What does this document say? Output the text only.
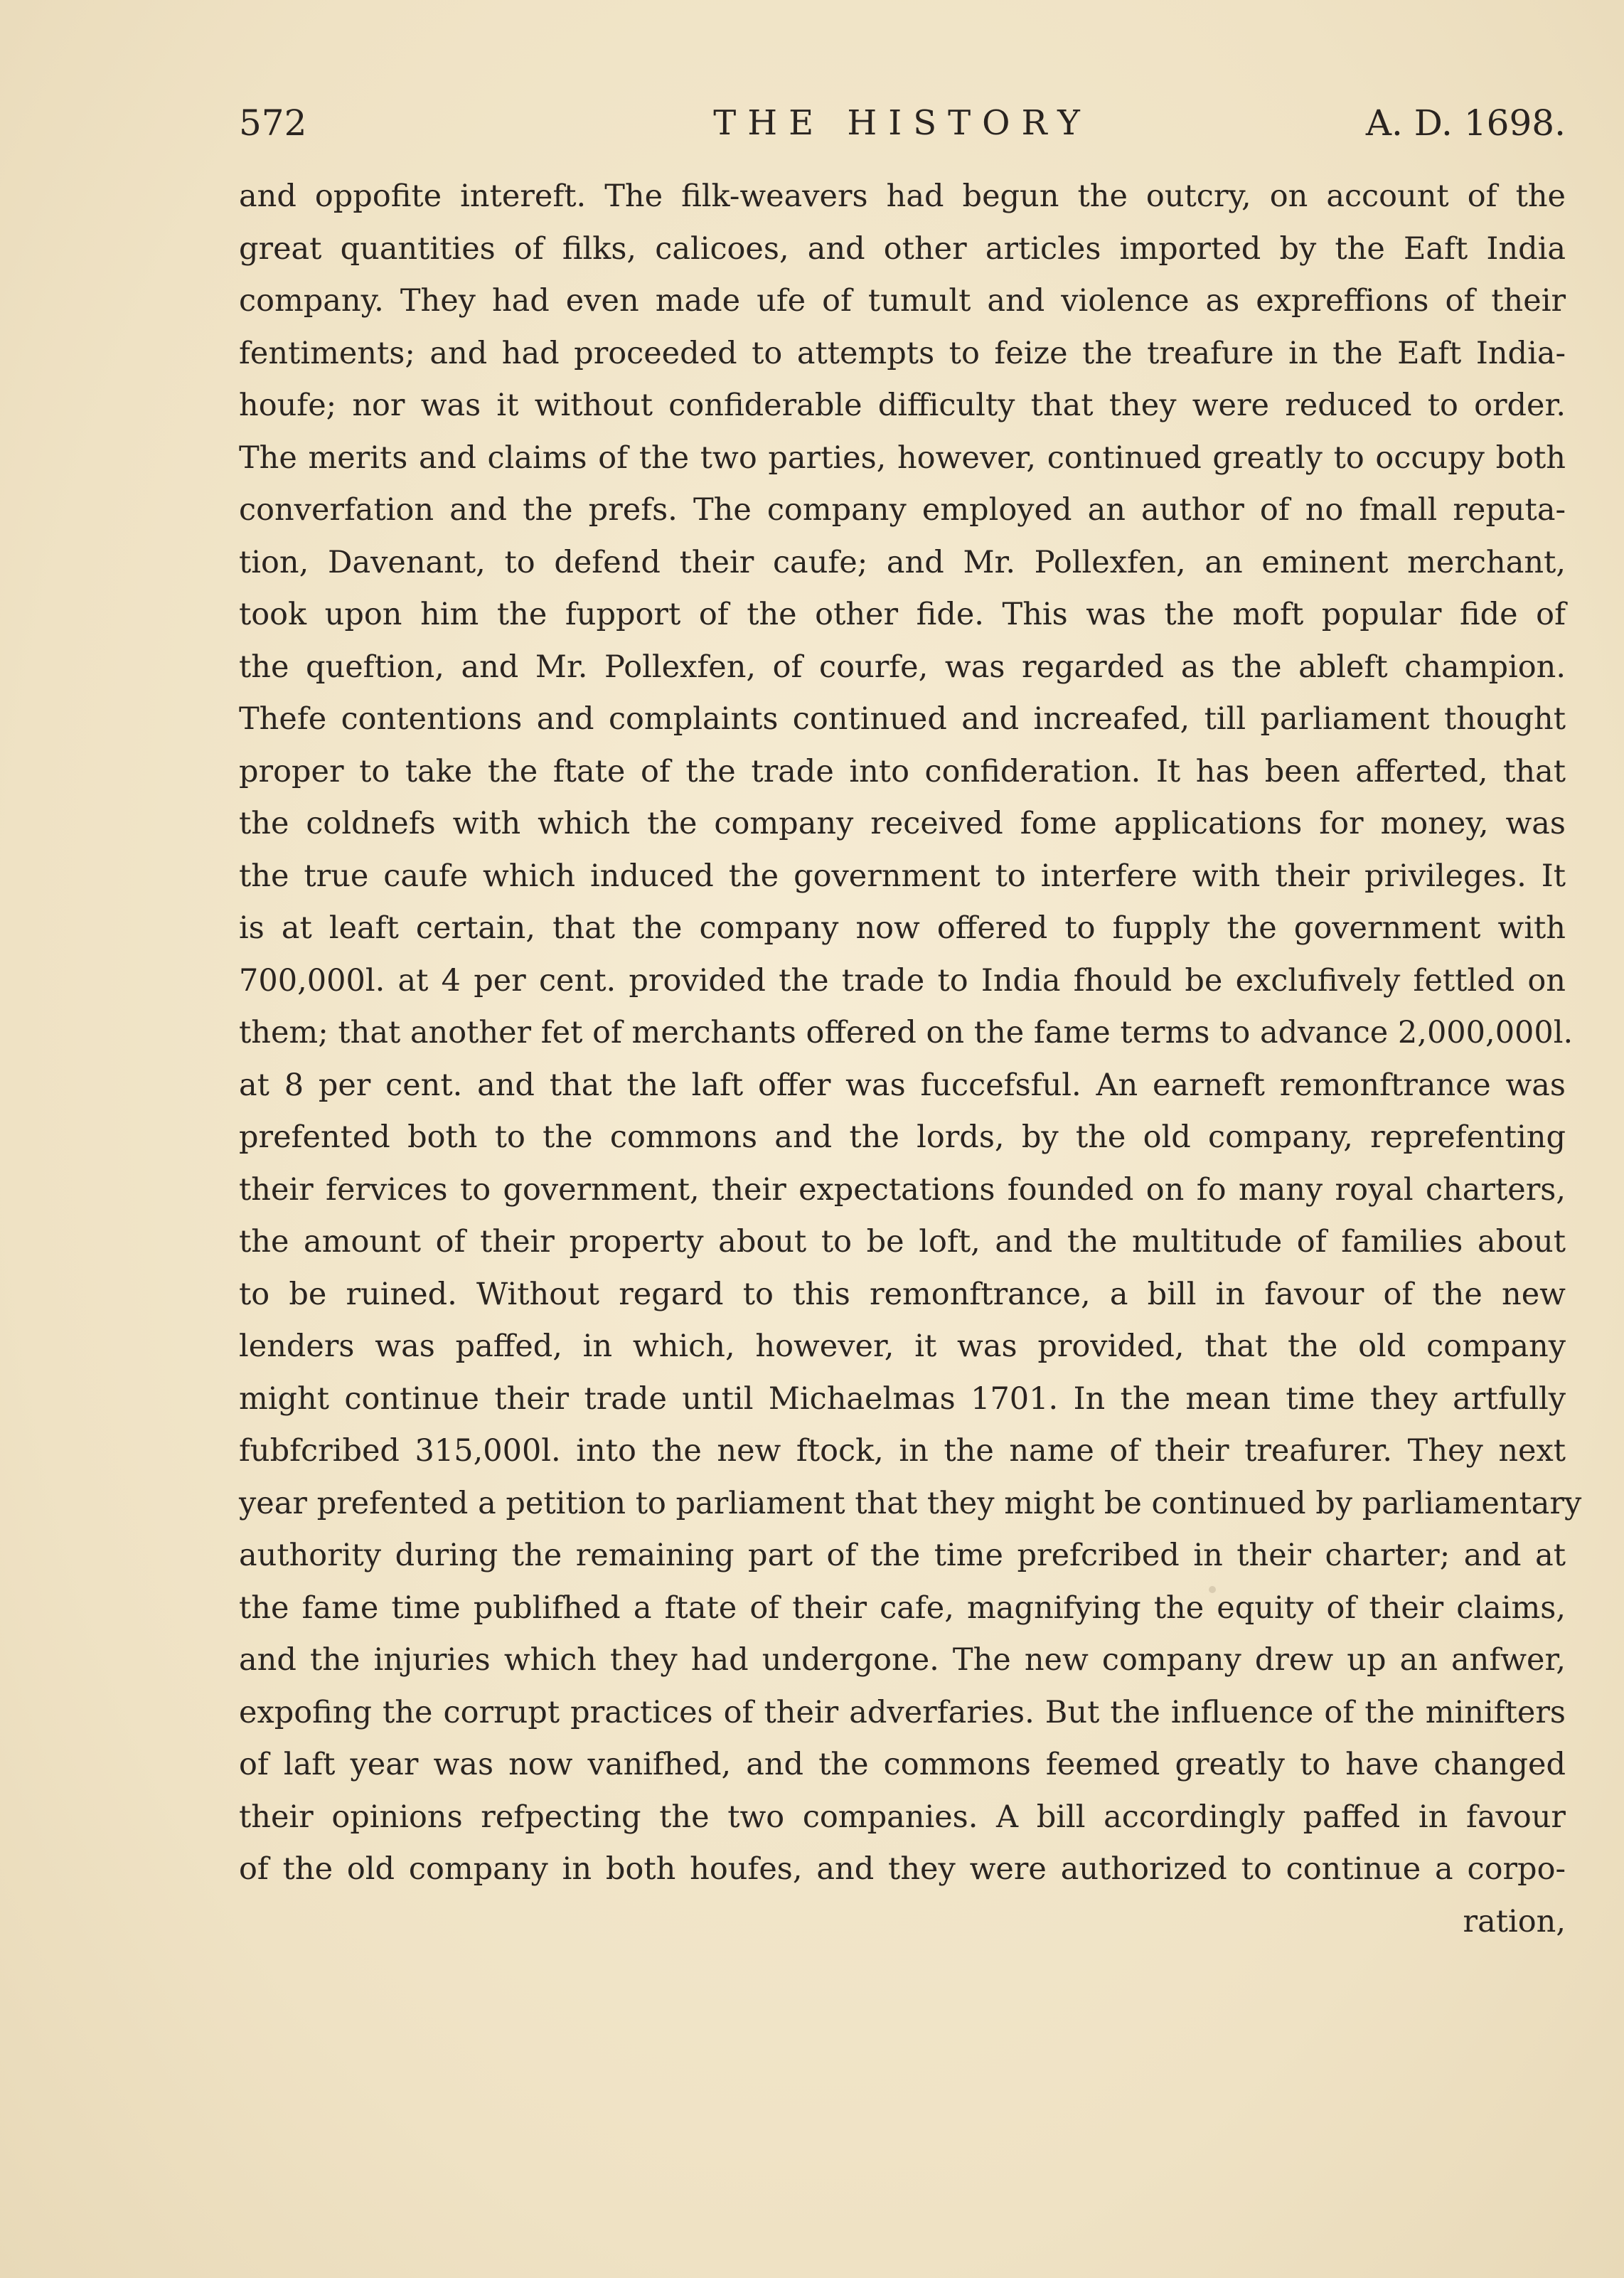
572	THE HISTORY	A. D. 1698.
and oppofite intereft. The filk-weavers had begun the outcry, on account of the
great quantities of filks, calicoes, and other articles imported by the Eaft India
company. They had even made ufe of tumult and violence as expreffions of their
fentiments; and had proceeded to attempts to feize the treafure in the Eaft India-
houfe; nor was it without confiderable difficulty that they were reduced to order.
The merits and claims of the two parties, however, continued greatly to occupy both
converfation and the prefs. The company employed an author of no fmall reputa-
tion, Davenant, to defend their caufe; and Mr. Pollexfen, an eminent merchant,
took upon him the fupport of the other fide. This was the moft popular fide of
the queftion, and Mr. Pollexfen, of courfe, was regarded as the ableft champion.
Thefe contentions and complaints continued and increafed, till parliament thought
proper to take the ftate of the trade into confideration. It has been afferted, that
the coldnefs with which the company received fome applications for money, was
the true caufe which induced the government to interfere with their privileges. It
is at leaft certain, that the company now offered to fupply the government with
700,000l. at 4 per cent. provided the trade to India fhould be exclufively fettled on
them; that another fet of merchants offered on the fame terms to advance 2,000,000l.
at 8 per cent. and that the laft offer was fuccefsful. An earneft remonftrance was
prefented both to the commons and the lords, by the old company, reprefenting
their fervices to government, their expectations founded on fo many royal charters,
the amount of their property about to be loft, and the multitude of families about
to be ruined. Without regard to this remonftrance, a bill in favour of the new
lenders was paffed, in which, however, it was provided, that the old company
might continue their trade until Michaelmas 1701. In the mean time they artfully
fubfcribed 315,000l. into the new ftock, in the name of their treafurer. They next
year prefented a petition to parliament that they might be continued by parliamentary
authority during the remaining part of the time prefcribed in their charter; and at
the fame time publifhed a ftate of their cafe, magnifying the equity of their claims,
and the injuries which they had undergone. The new company drew up an anfwer,
expofing the corrupt practices of their adverfaries. But the influence of the minifters
of laft year was now vanifhed, and the commons feemed greatly to have changed
their opinions refpecting the two companies. A bill accordingly paffed in favour
of the old company in both houfes, and they were authorized to continue a corpo-
ration,
